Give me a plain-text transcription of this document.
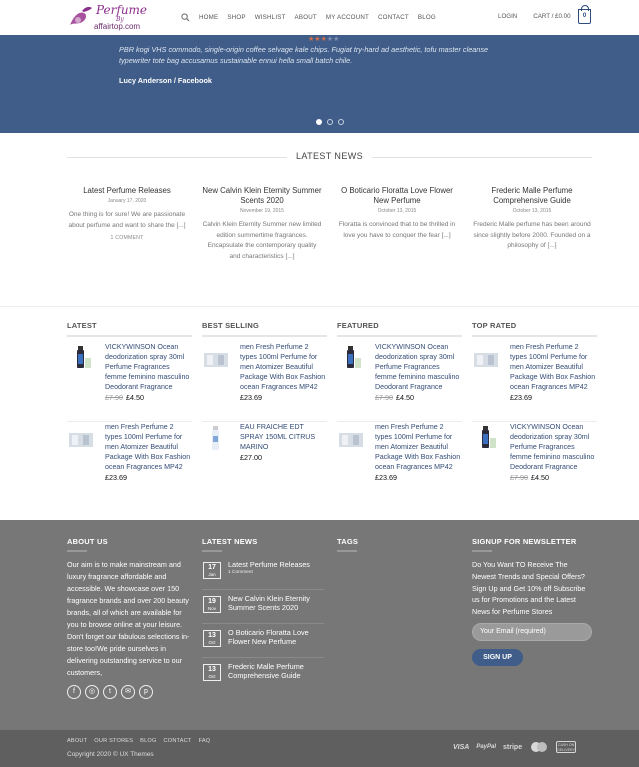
Perfume
By
affairtop.com
HOME SHOP WISHLIST ABOUT MY ACCOUNT CONTACT BLOG	LOGIN	CART / £0.00	0
★★★★★
PBR kogi VHS commodo, single-origin coffee selvage kale chips. Fugiat try-hard ad aesthetic, tofu master cleanse typewriter tote bag accusamus sustainable ennui hella small batch chile.
Lucy Anderson / Facebook
LATEST NEWS
Latest Perfume Releases
January 17, 2020
One thing is for sure! We are passionate about perfume and want to share the [...]
1 COMMENT
New Calvin Klein Eternity Summer Scents 2020
November 19, 2015
Calvin Klein Eternity Summer new limited edition summertime fragrances. Encapsulate the contemporary quality and characteristics [...]
O Boticario Floratta Love Flower New Perfume
October 13, 2015
Floratta is convinced that to be thrilled in love you have to conquer the fear [...]
Frederic Malle Perfume Comprehensive Guide
October 13, 2015
Frederic Malle perfume has been around since slightly before 2000. Founded on a philosophy of [...]
LATEST
VICKYWINSON Ocean deodorization spray 30ml Perfume Fragrances femme feminino masculino Deodorant Fragrance
£7.90 £4.50
men Fresh Perfume 2 types 100ml Perfume for men Atomizer Beautiful Package With Box Fashion ocean Fragrances MP42
£23.69
BEST SELLING
men Fresh Perfume 2 types 100ml Perfume for men Atomizer Beautiful Package With Box Fashion ocean Fragrances MP42
£23.69
EAU FRAICHE EDT SPRAY 150ML CITRUS MARINO
£27.00
FEATURED
VICKYWINSON Ocean deodorization spray 30ml Perfume Fragrances femme feminino masculino Deodorant Fragrance
£7.90 £4.50
men Fresh Perfume 2 types 100ml Perfume for men Atomizer Beautiful Package With Box Fashion ocean Fragrances MP42
£23.69
TOP RATED
men Fresh Perfume 2 types 100ml Perfume for men Atomizer Beautiful Package With Box Fashion ocean Fragrances MP42
£23.69
VICKYWINSON Ocean deodorization spray 30ml Perfume Fragrances femme feminino masculino Deodorant Fragrance
£7.90 £4.50
ABOUT US
Our aim is to make mainstream and luxury fragrance affordable and accessible. We showcase over 150 fragrance brands and over 200 beauty brands, all of which are available for you to browse online at your leisure. Don't forget our fabulous selections in-store too!We pride ourselves in delivering outstanding service to our customers,
f	◎	t	✉	p
LATEST NEWS
17
Jan
Latest Perfume Releases
1 Comment
19
Nov
New Calvin Klein Eternity Summer Scents 2020
13
Oct
O Boticario Floratta Love Flower New Perfume
13
Oct
Frederic Malle Perfume Comprehensive Guide
TAGS	SIGNUP FOR NEWSLETTER
Do You Want TO Receive The Newest Trends and Special Offers? Sign Up and Get 10% off Subscribe us for Promotions and the Latest News for Perfume Stores
Your Email (required)
SIGN UP
ABOUT OUR STORES BLOG CONTACT FAQ
Copyright 2020 © UX Themes
VISA PayPal stripe	CASH ON DELIVERY
